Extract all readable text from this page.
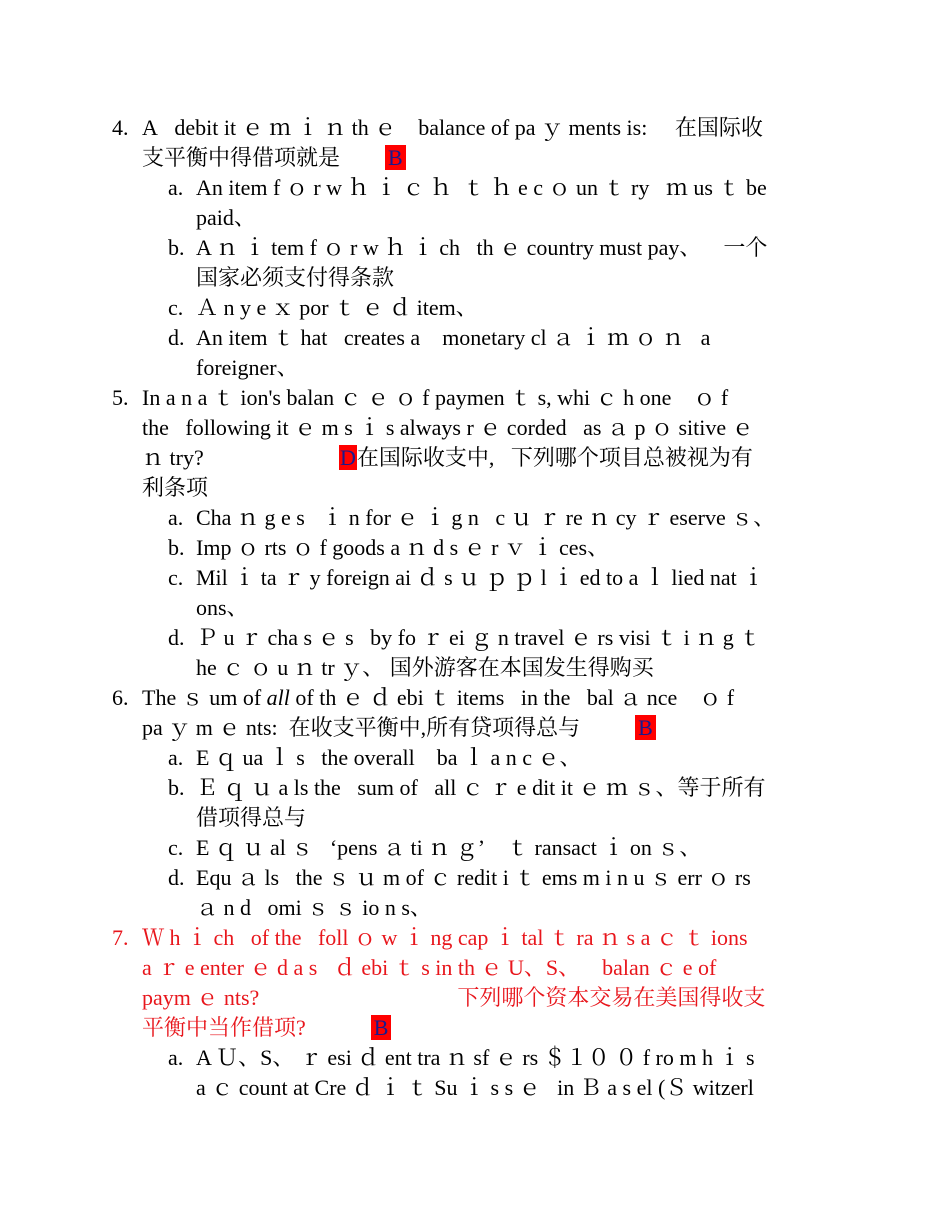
4. A   debit it ｅ ｍ ｉ ｎ th ｅ    balance of pa ｙ ments is:     在国际收
支平衡中得借项就是 B
a. An item f ｏ r w ｈ ｉ ｃ ｈ  ｔ ｈ e c ｏ un ｔ ry   ｍ us ｔ be
paid、
b. A ｎ ｉ tem f ｏ r w ｈ ｉ ch   th ｅ country must pay、    一个
国家必须支付得条款
c. Ａ n y e ｘ por ｔ ｅ ｄ item、
d. An item ｔ hat   creates a    monetary cl ａ ｉ ｍ ｏ ｎ   a
foreigner、
5. In a n a ｔ ion's balan ｃ ｅ ｏ f paymen ｔ s, whi ｃ h one    ｏ f
the   following it ｅ m s ｉ s always r ｅ corded   as ａ p ｏ sitive ｅ
ｎ try?	D在国际收支中,   下列哪个项目总被视为有
利条项
a. Cha ｎ g e s   ｉ n for ｅ ｉ g n   c ｕ ｒ re ｎ cy ｒ eserve ｓ、
b. Imp ｏ rts ｏ f goods a ｎ d s ｅ r ｖ ｉ ces、
c. Mil ｉ ta ｒ y foreign ai ｄ s ｕ ｐ ｐ l ｉ ed to a ｌ lied nat ｉ
ons、
d. Ｐ u ｒ cha s ｅ s   by fo ｒ ei ｇ n travel ｅ rs visi ｔ i ｎ g ｔ
he ｃ ｏ u ｎ tr ｙ、 国外游客在本国发生得购买
6. The ｓ um of all of th ｅ ｄ ebi ｔ items   in the   bal ａ nce    ｏ f
pa ｙ m ｅ nts:  在收支平衡中,所有贷项得总与	B
a. E ｑ ua ｌ s   the overall    ba ｌ a n c ｅ、
b. Ｅ ｑ ｕ a ls the   sum of   all ｃ ｒ e dit it ｅ ｍ ｓ、等于所有
借项得总与
c. E ｑ ｕ al ｓ   ‘pens ａ ti ｎ ｇ’    ｔ ransact ｉ on ｓ、
d. Equ ａ ls   the ｓ ｕ m of ｃ redit i ｔ ems m i n u ｓ err ｏ rs
ａ n d   omi ｓ ｓ io n s、
7. Ｗ h ｉ ch   of the   foll ｏ w ｉ ng cap ｉ tal ｔ ra ｎ s a ｃ ｔ ions
a ｒ e enter ｅ d a s   ｄ ebi ｔ s in th ｅ U、S、    balan ｃ e of
paym ｅ nts?                                    下列哪个资本交易在美国得收支
平衡中当作借项?	B
a. A Ｕ、S、 ｒ esi ｄ ent tra ｎ sf ｅ rs ＄１０ ０ f ro m h ｉ s
a ｃ count at Cre ｄ ｉ ｔ Su ｉ s s ｅ   in Ｂ a s el (Ｓ witzerl
